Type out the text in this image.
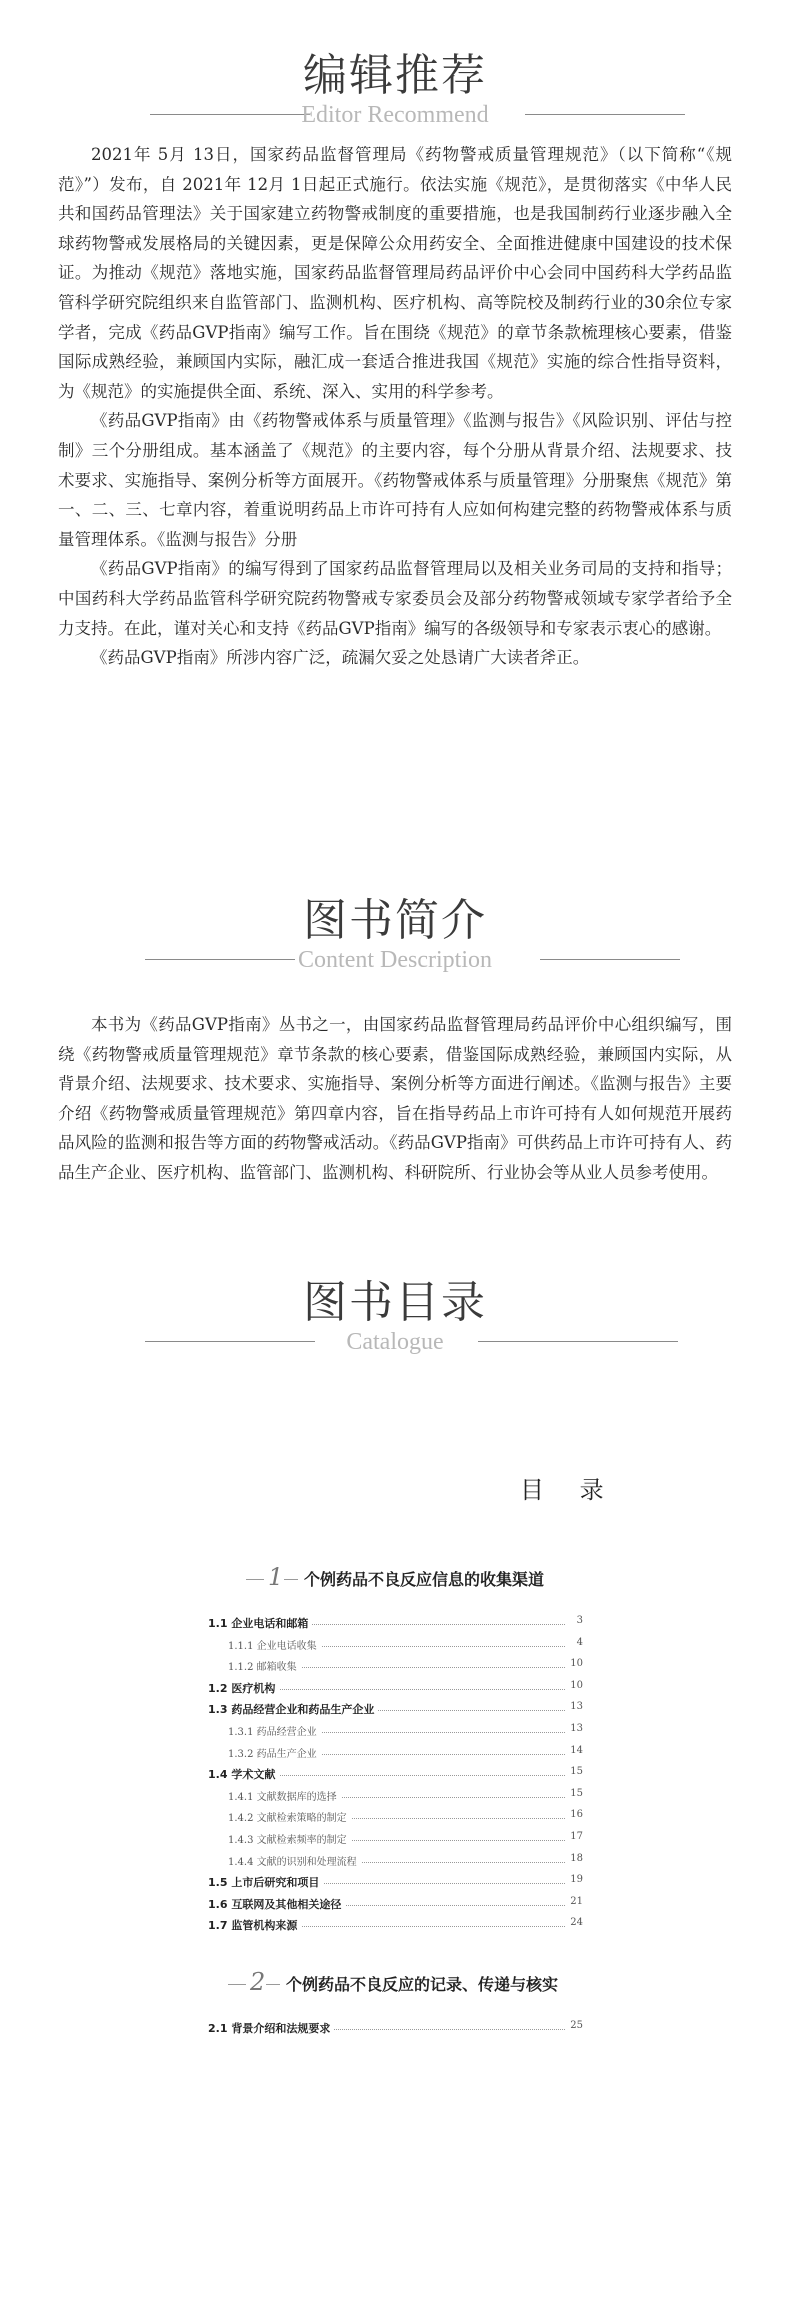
编辑推荐
Editor Recommend

2021年 5月 13日，国家药品监督管理局《药物警戒质量管理规范》（以下简称“《规范》”）发布，自 2021年 12月 1日起正式施行。依法实施《规范》，是贯彻落实《中华人民共和国药品管理法》关于国家建立药物警戒制度的重要措施，也是我国制药行业逐步融入全球药物警戒发展格局的关键因素，更是保障公众用药安全、全面推进健康中国建设的技术保证。为推动《规范》落地实施，国家药品监督管理局药品评价中心会同中国药科大学药品监管科学研究院组织来自监管部门、监测机构、医疗机构、高等院校及制药行业的30余位专家学者，完成《药品GVP指南》编写工作。旨在围绕《规范》的章节条款梳理核心要素，借鉴国际成熟经验，兼顾国内实际，融汇成一套适合推进我国《规范》实施的综合性指导资料，为《规范》的实施提供全面、系统、深入、实用的科学参考。

《药品GVP指南》由《药物警戒体系与质量管理》《监测与报告》《风险识别、评估与控制》三个分册组成。基本涵盖了《规范》的主要内容，每个分册从背景介绍、法规要求、技术要求、实施指导、案例分析等方面展开。《药物警戒体系与质量管理》分册聚焦《规范》第一、二、三、七章内容，着重说明药品上市许可持有人应如何构建完整的药物警戒体系与质量管理体系。《监测与报告》分册

《药品GVP指南》的编写得到了国家药品监督管理局以及相关业务司局的支持和指导；中国药科大学药品监管科学研究院药物警戒专家委员会及部分药物警戒领域专家学者给予全力支持。在此，谨对关心和支持《药品GVP指南》编写的各级领导和专家表示衷心的感谢。

《药品GVP指南》所涉内容广泛，疏漏欠妥之处恳请广大读者斧正。

图书简介
Content Description

本书为《药品GVP指南》丛书之一，由国家药品监督管理局药品评价中心组织编写，围绕《药物警戒质量管理规范》章节条款的核心要素，借鉴国际成熟经验，兼顾国内实际，从背景介绍、法规要求、技术要求、实施指导、案例分析等方面进行阐述。《监测与报告》主要介绍《药物警戒质量管理规范》第四章内容，旨在指导药品上市许可持有人如何规范开展药品风险的监测和报告等方面的药物警戒活动。《药品GVP指南》可供药品上市许可持有人、药品生产企业、医疗机构、监管部门、监测机构、科研院所、行业协会等从业人员参考使用。

图书目录
Catalogue
目 录
1 个例药品不良反应信息的收集渠道
1.1 企业电话和邮箱	3
1.1.1 企业电话收集	4
1.1.2 邮箱收集	10
1.2 医疗机构	10
1.3 药品经营企业和药品生产企业	13
1.3.1 药品经营企业	13
1.3.2 药品生产企业	14
1.4 学术文献	15
1.4.1 文献数据库的选择	15
1.4.2 文献检索策略的制定	16
1.4.3 文献检索频率的制定	17
1.4.4 文献的识别和处理流程	18
1.5 上市后研究和项目	19
1.6 互联网及其他相关途径	21
1.7 监管机构来源	24
2 个例药品不良反应的记录、传递与核实
2.1 背景介绍和法规要求	25
